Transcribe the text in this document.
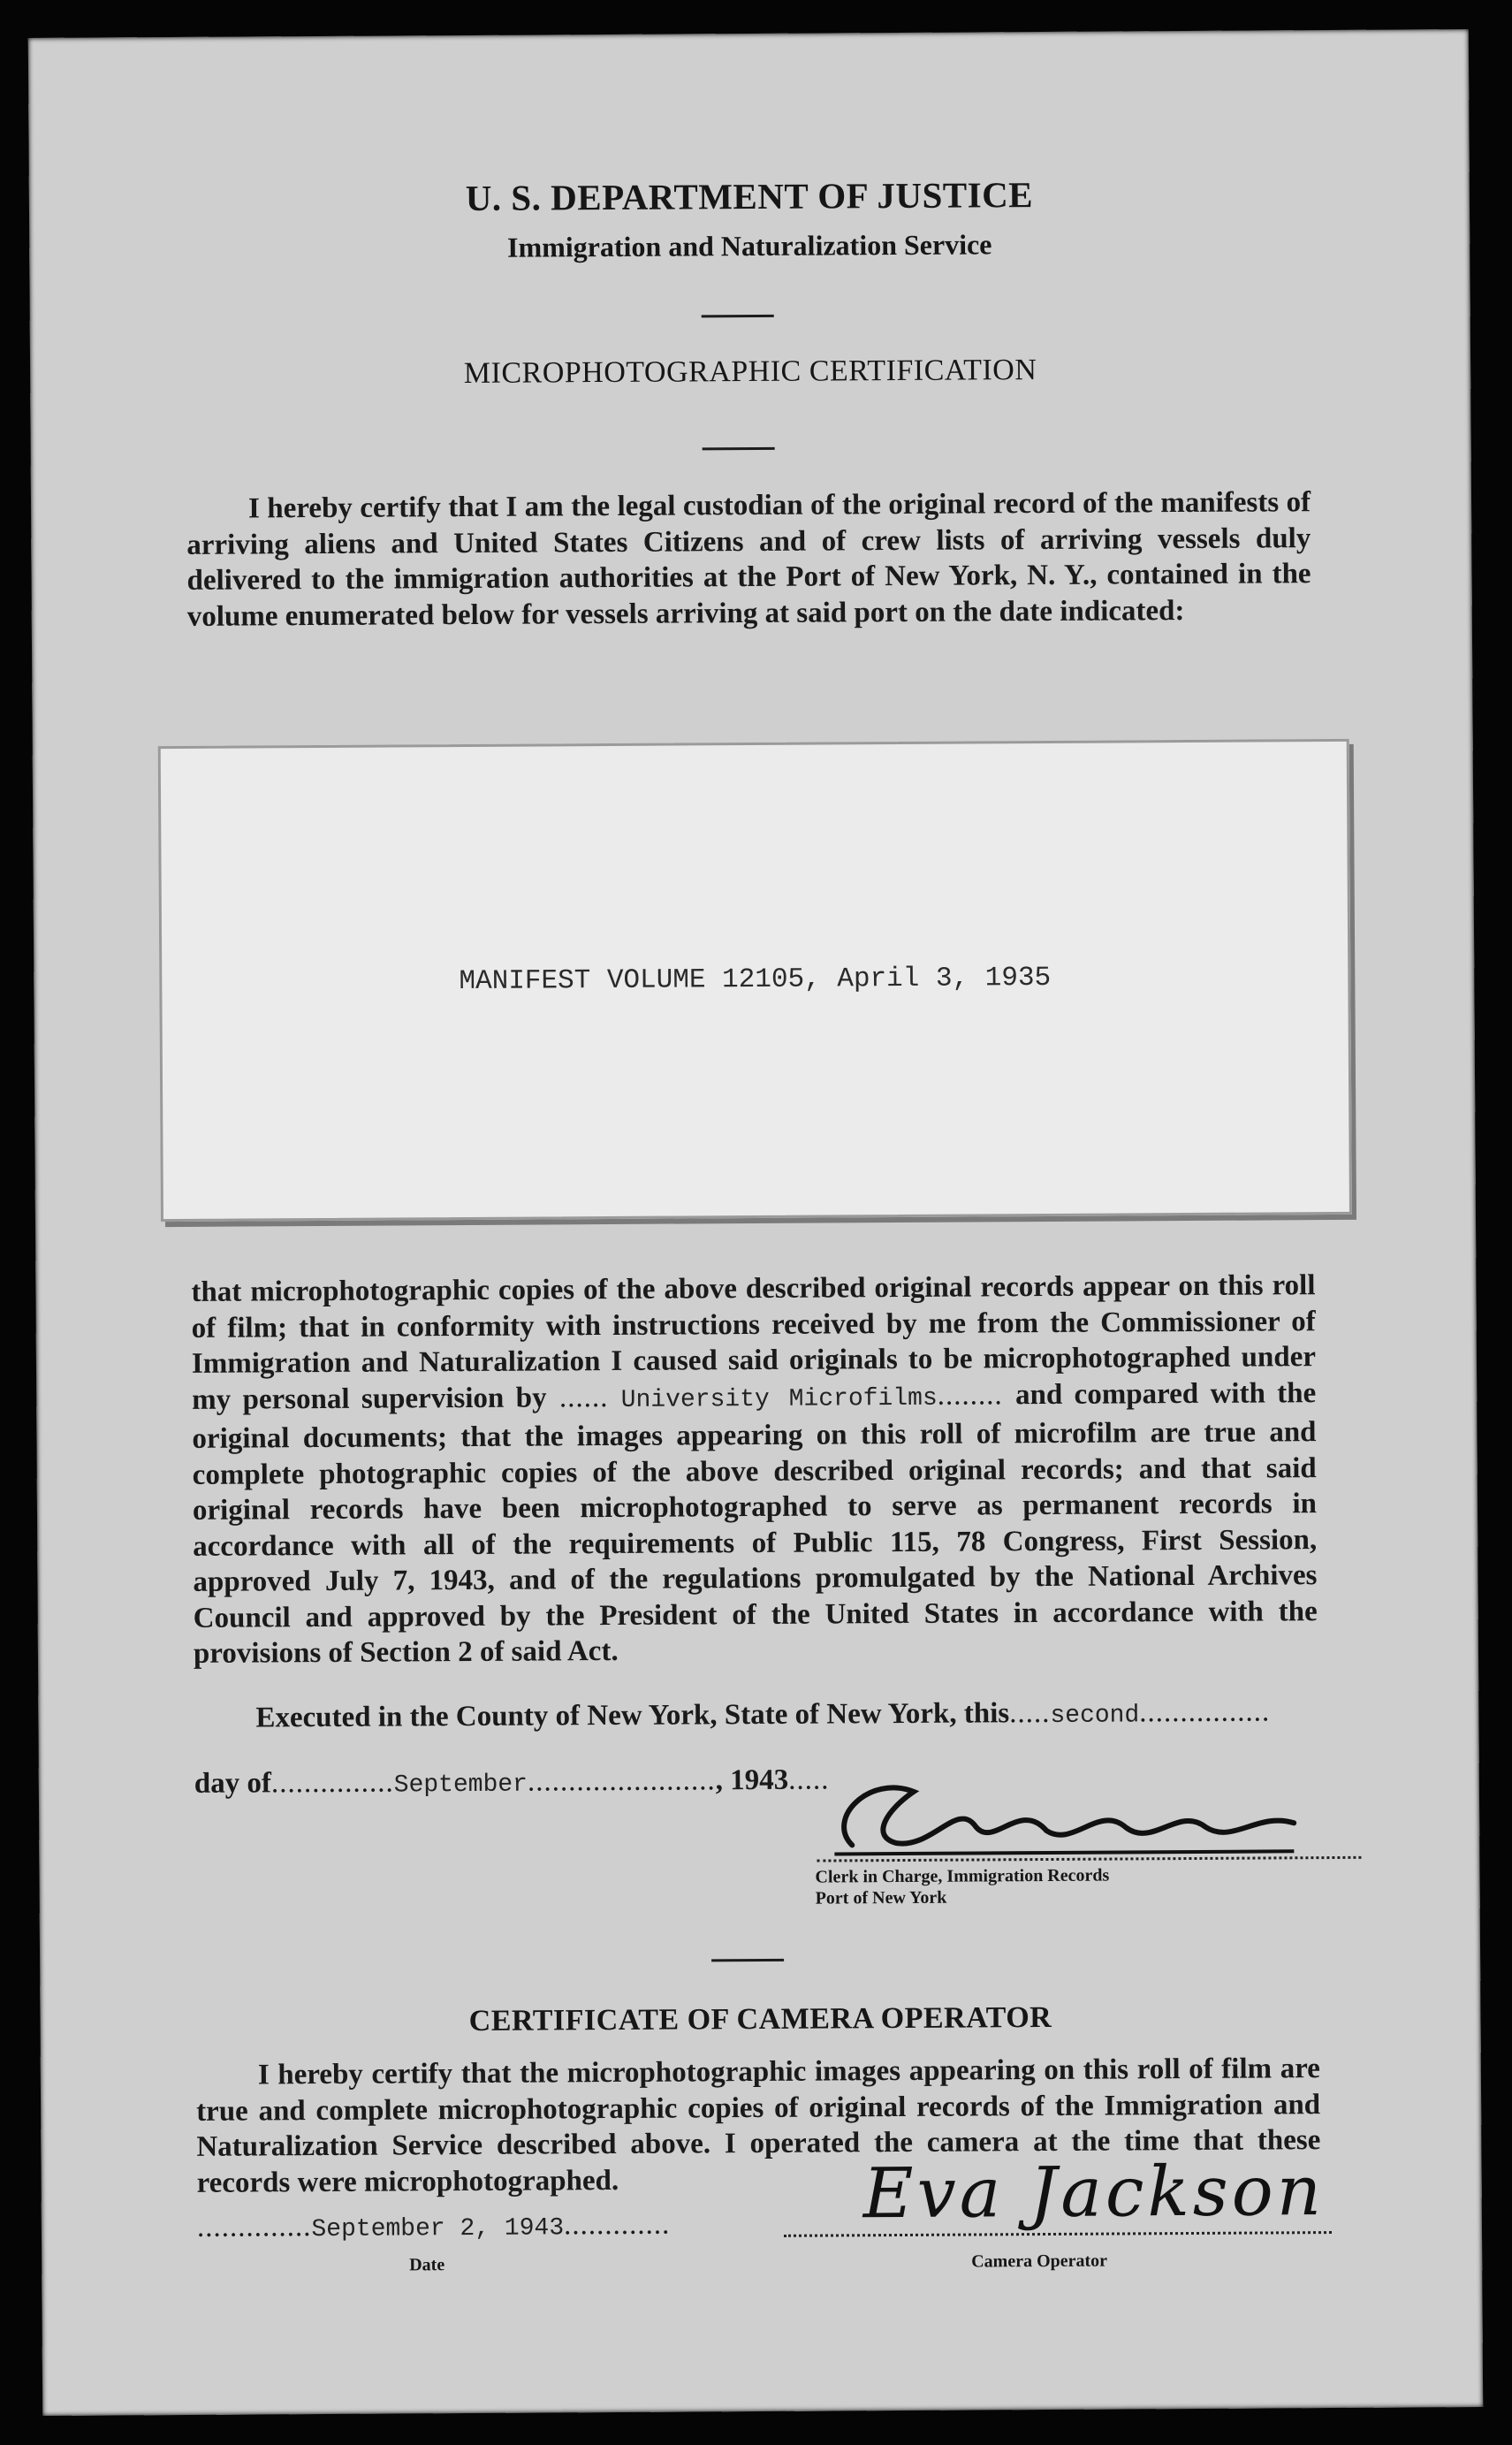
U. S. DEPARTMENT OF JUSTICE
Immigration and Naturalization Service
MICROPHOTOGRAPHIC CERTIFICATION
I hereby certify that I am the legal custodian of the original record of the manifests of arriving aliens and United States Citizens and of crew lists of arriving vessels duly delivered to the immigration authorities at the Port of New York, N. Y., contained in the volume enumerated below for vessels arriving at said port on the date indicated:
MANIFEST VOLUME 12105, April 3, 1935
that microphotographic copies of the above described original records appear on this roll of film; that in conformity with instructions received by me from the Commissioner of Immigration and Naturalization I caused said originals to be microphotographed under my personal supervision by ...... University Microfilms........ and compared with the original documents; that the images appearing on this roll of microfilm are true and complete photographic copies of the above described original records; and that said original records have been microphotographed to serve as permanent records in accordance with all of the requirements of Public 115, 78 Congress, First Session, approved July 7, 1943, and of the regulations promulgated by the National Archives Council and approved by the President of the United States in accordance with the provisions of Section 2 of said Act.
Executed in the County of New York, State of New York, this.....second................
day of...............September......................., 1943.....
Clerk in Charge, Immigration Records
Port of New York
CERTIFICATE OF CAMERA OPERATOR
I hereby certify that the microphotographic images appearing on this roll of film are true and complete microphotographic copies of original records of the Immigration and Naturalization Service described above. I operated the camera at the time that these records were microphotographed.
..............September 2, 1943.............
Date
Eva Jackson
Camera Operator
